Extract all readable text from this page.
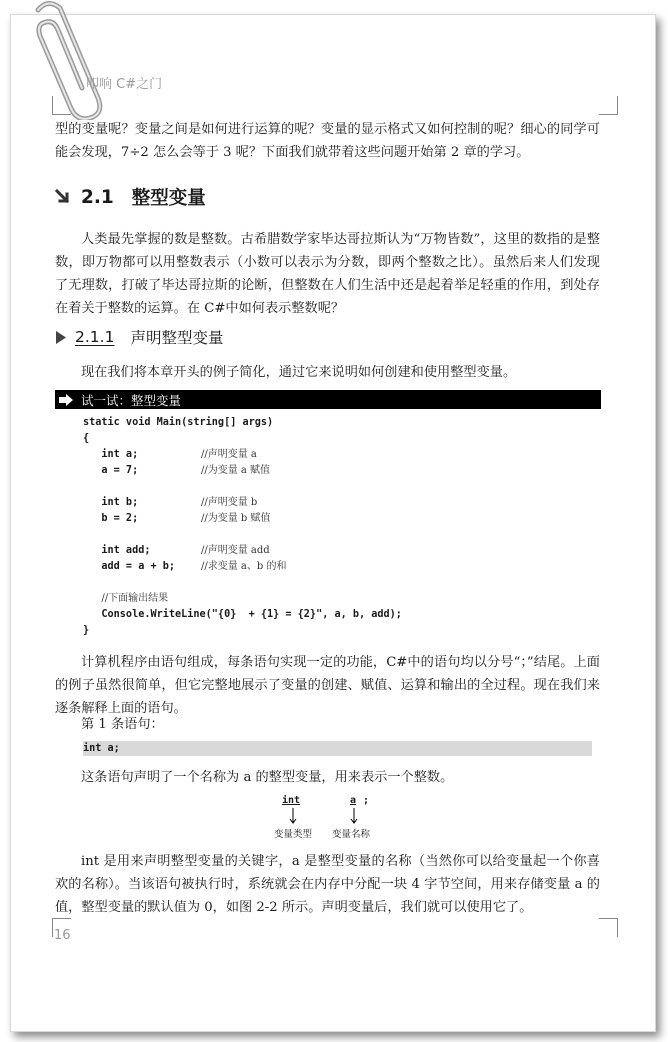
叩响 C#之门

型的变量呢？变量之间是如何进行运算的呢？变量的显示格式又如何控制的呢？细心的同学可能会发现，7÷2 怎么会等于 3 呢？下面我们就带着这些问题开始第 2 章的学习。

2.1 整型变量

人类最先掌握的数是整数。古希腊数学家毕达哥拉斯认为“万物皆数”，这里的数指的是整数，即万物都可以用整数表示（小数可以表示为分数，即两个整数之比）。虽然后来人们发现了无理数，打破了毕达哥拉斯的论断，但整数在人们生活中还是起着举足轻重的作用，到处存在着关于整数的运算。在 C#中如何表示整数呢？

2.1.1 声明整型变量

现在我们将本章开头的例子简化，通过它来说明如何创建和使用整型变量。

试一试：整型变量
static void Main(string[] args)
{
int a;	//声明变量 a
a = 7;	//为变量 a 赋值

int b;	//声明变量 b
b = 2;	//为变量 b 赋值

int add;	//声明变量 add
add = a + b;	//求变量 a、b 的和

//下面输出结果
Console.WriteLine("{0}  + {1} = {2}", a, b, add);
}

计算机程序由语句组成，每条语句实现一定的功能，C#中的语句均以分号“；”结尾。上面的例子虽然很简单，但它完整地展示了变量的创建、赋值、运算和输出的全过程。现在我们来逐条解释上面的语句。

第 1 条语句：

int a;

这条语句声明了一个名称为 a 的整型变量，用来表示一个整数。

int	a ;
变量类型 变量名称

int 是用来声明整型变量的关键字，a 是整型变量的名称（当然你可以给变量起一个你喜欢的名称）。当该语句被执行时，系统就会在内存中分配一块 4 字节空间，用来存储变量 a 的值，整型变量的默认值为 0，如图 2-2 所示。声明变量后，我们就可以使用它了。

16
